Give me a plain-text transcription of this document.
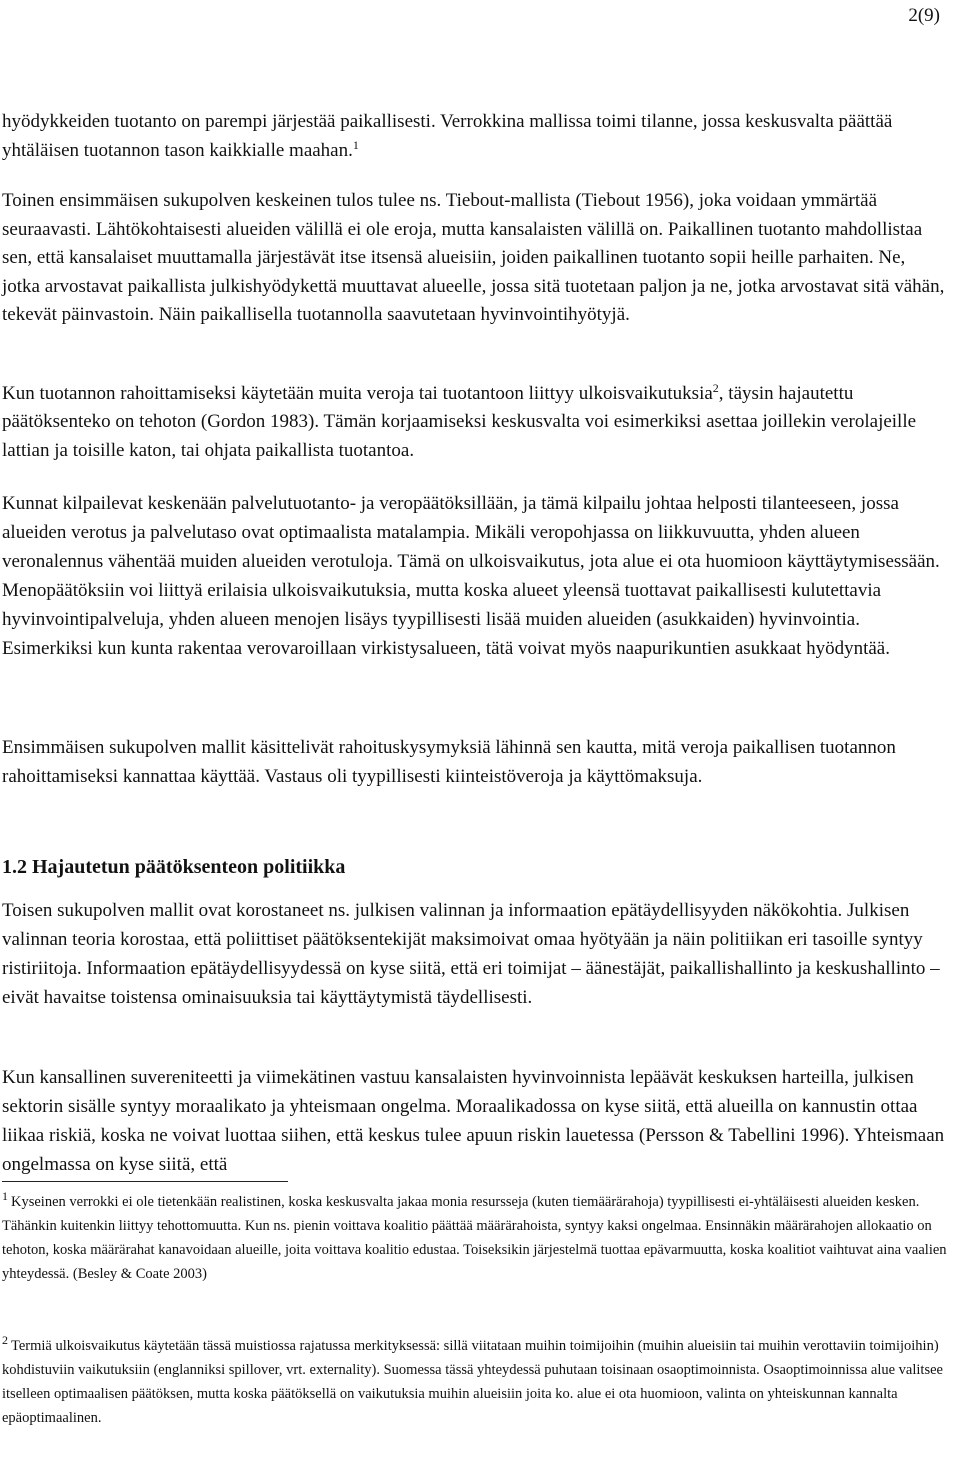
2(9)

hyödykkeiden tuotanto on parempi järjestää paikallisesti. Verrokkina mallissa toimi tilanne, jossa keskusvalta päättää yhtäläisen tuotannon tason kaikkialle maahan.$^1$

Toinen ensimmäisen sukupolven keskeinen tulos tulee ns. Tiebout-mallista (Tiebout 1956), joka voidaan ymmärtää seuraavasti. Lähtökohtaisesti alueiden välillä ei ole eroja, mutta kansalaisten välillä on. Paikallinen tuotanto mahdollistaa sen, että kansalaiset muuttamalla järjestävät itse itsensä alueisiin, joiden paikallinen tuotanto sopii heille parhaiten. Ne, jotka arvostavat paikallista julkishyödykettä muuttavat alueelle, jossa sitä tuotetaan paljon ja ne, jotka arvostavat sitä vähän, tekevät päinvastoin. Näin paikallisella tuotannolla saavutetaan hyvinvointihyötyjä.

Kun tuotannon rahoittamiseksi käytetään muita veroja tai tuotantoon liittyy ulkoisvaikutuksia$^2$, täysin hajautettu päätöksenteko on tehoton (Gordon 1983). Tämän korjaamiseksi keskusvalta voi esimerkiksi asettaa joillekin verolajeille lattian ja toisille katon, tai ohjata paikallista tuotantoa.

Kunnat kilpailevat keskenään palvelutuotanto- ja veropäätöksillään, ja tämä kilpailu johtaa helposti tilanteeseen, jossa alueiden verotus ja palvelutaso ovat optimaalista matalampia. Mikäli veropohjassa on liikkuvuutta, yhden alueen veronalennus vähentää muiden alueiden verotuloja. Tämä on ulkoisvaikutus, jota alue ei ota huomioon käyttäytymisessään. Menopäätöksiin voi liittyä erilaisia ulkoisvaikutuksia, mutta koska alueet yleensä tuottavat paikallisesti kulutettavia hyvinvointipalveluja, yhden alueen menojen lisäys tyypillisesti lisää muiden alueiden (asukkaiden) hyvinvointia. Esimerkiksi kun kunta rakentaa verovaroillaan virkistysalueen, tätä voivat myös naapurikuntien asukkaat hyödyntää.

Ensimmäisen sukupolven mallit käsittelivät rahoituskysymyksiä lähinnä sen kautta, mitä veroja paikallisen tuotannon rahoittamiseksi kannattaa käyttää. Vastaus oli tyypillisesti kiinteistöveroja ja käyttömaksuja.

1.2 Hajautetun päätöksenteon politiikka

Toisen sukupolven mallit ovat korostaneet ns. julkisen valinnan ja informaation epätäydellisyyden näkökohtia. Julkisen valinnan teoria korostaa, että poliittiset päätöksentekijät maksimoivat omaa hyötyään ja näin politiikan eri tasoille syntyy ristiriitoja. Informaation epätäydellisyydessä on kyse siitä, että eri toimijat – äänestäjät, paikallishallinto ja keskushallinto – eivät havaitse toistensa ominaisuuksia tai käyttäytymistä täydellisesti.

Kun kansallinen suvereniteetti ja viimekätinen vastuu kansalaisten hyvinvoinnista lepäävät keskuksen harteilla, julkisen sektorin sisälle syntyy moraalikato ja yhteismaan ongelma. Moraalikadossa on kyse siitä, että alueilla on kannustin ottaa liikaa riskiä, koska ne voivat luottaa siihen, että keskus tulee apuun riskin lauetessa (Persson & Tabellini 1996). Yhteismaan ongelmassa on kyse siitä, että

$^1$ Kyseinen verrokki ei ole tietenkään realistinen, koska keskusvalta jakaa monia resursseja (kuten tiemäärärahoja) tyypillisesti ei-yhtäläisesti alueiden kesken. Tähänkin kuitenkin liittyy tehottomuutta. Kun ns. pienin voittava koalitio päättää määrärahoista, syntyy kaksi ongelmaa. Ensinnäkin määrärahojen allokaatio on tehoton, koska määrärahat kanavoidaan alueille, joita voittava koalitio edustaa. Toiseksikin järjestelmä tuottaa epävarmuutta, koska koalitiot vaihtuvat aina vaalien yhteydessä. (Besley & Coate 2003)

$^2$ Termiä ulkoisvaikutus käytetään tässä muistiossa rajatussa merkityksessä: sillä viitataan muihin toimijoihin (muihin alueisiin tai muihin verottaviin toimijoihin) kohdistuviin vaikutuksiin (englanniksi spillover, vrt. externality). Suomessa tässä yhteydessä puhutaan toisinaan osaoptimoinnista. Osaoptimoinnissa alue valitsee itselleen optimaalisen päätöksen, mutta koska päätöksellä on vaikutuksia muihin alueisiin joita ko. alue ei ota huomioon, valinta on yhteiskunnan kannalta epäoptimaalinen.
